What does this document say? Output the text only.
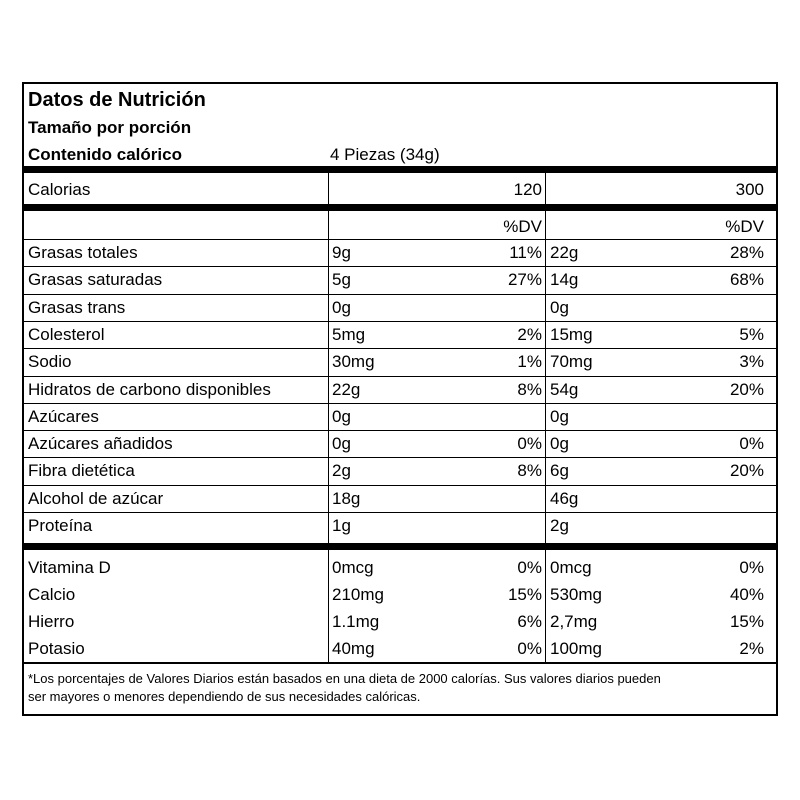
Datos de Nutrición
Tamaño por porción
Contenido calórico	4 Piezas (34g)
Calorias	120	300
%DV	%DV
*Los porcentajes de Valores Diarios están basados en una dieta de 2000 calorías. Sus valores diarios pueden
ser mayores o menores dependiendo de sus necesidades calóricas.
Grasas totales	9g	11% 22g	28%
Grasas saturadas	5g	27% 14g	68%
Grasas trans	0g	0g
Colesterol	5mg	2% 15mg	5%
Sodio	30mg	1% 70mg	3%
Hidratos de carbono disponibles	22g	8% 54g	20%
Azúcares	0g	0g
Azúcares añadidos	0g	0% 0g	0%
Fibra dietética	2g	8% 6g	20%
Alcohol de azúcar	18g	46g
Proteína	1g	2g
Vitamina D	0mcg	0% 0mcg	0%
Calcio	210mg	15% 530mg	40%
Hierro	1.1mg	6% 2,7mg	15%
Potasio	40mg	0% 100mg	2%
